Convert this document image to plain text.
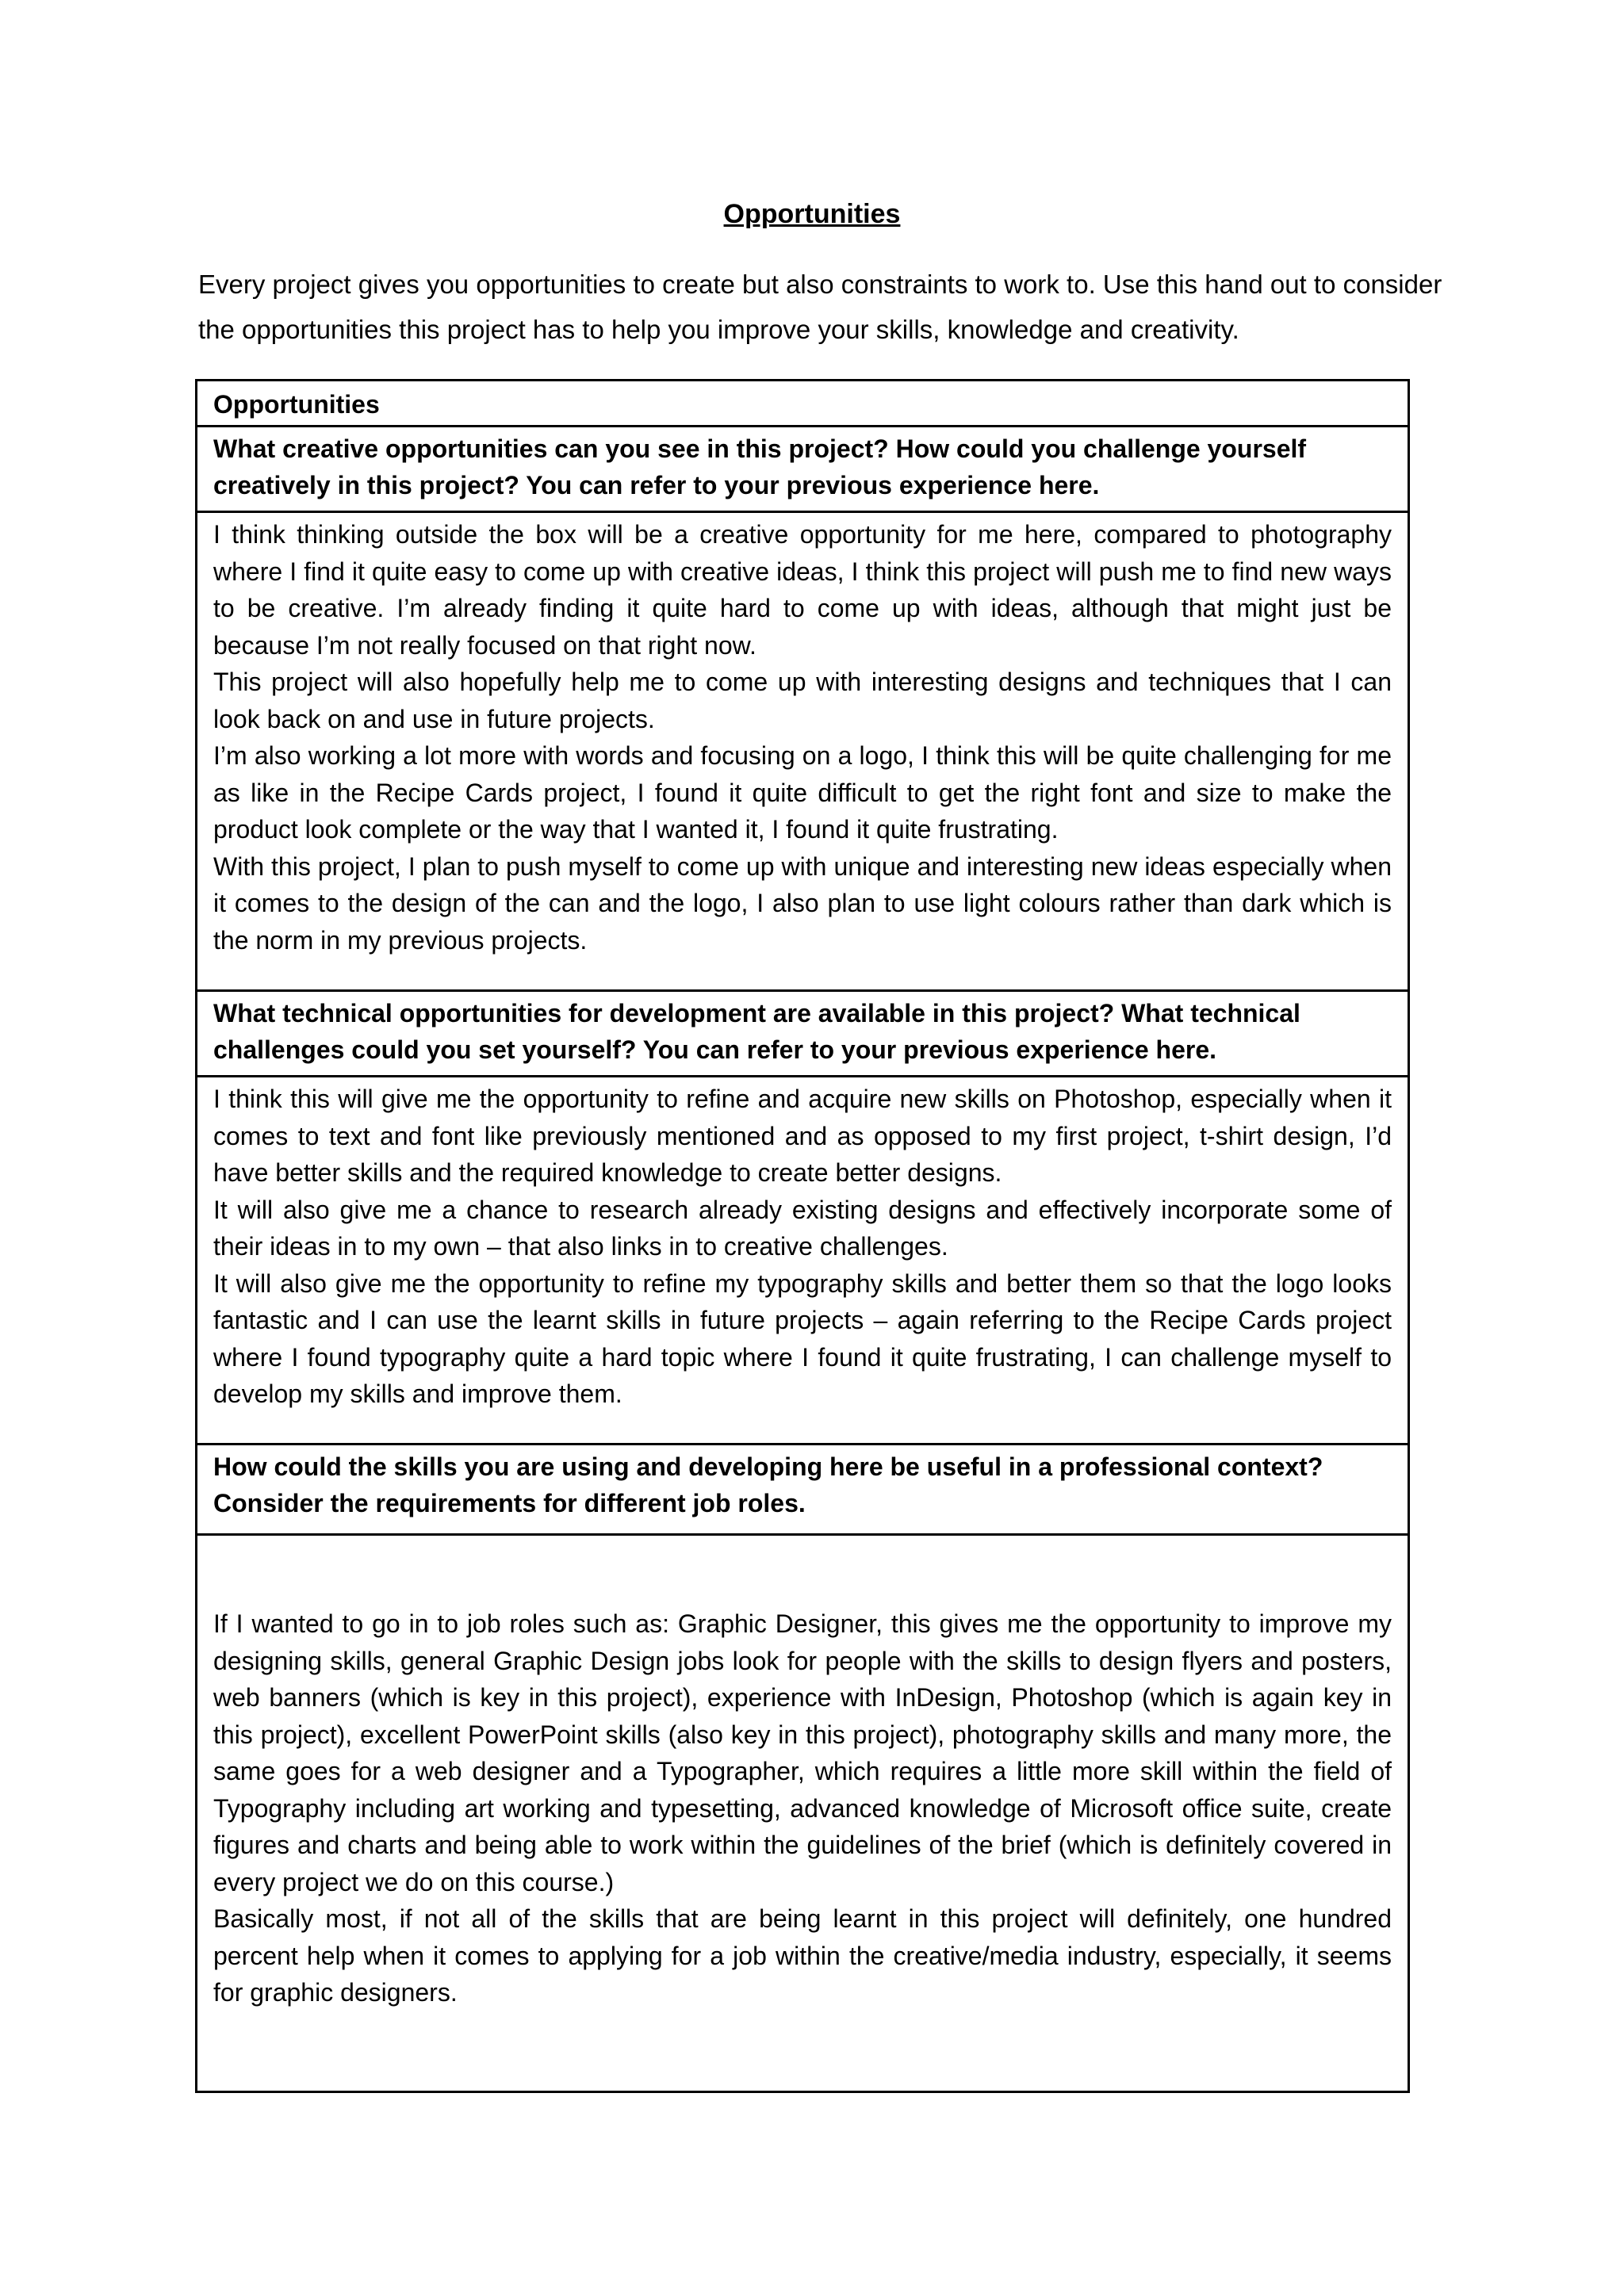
Opportunities

Every project gives you opportunities to create but also constraints to work to. Use this hand out to consider the opportunities this project has to help you improve your skills, knowledge and creativity.

Opportunities
What creative opportunities can you see in this project? How could you challenge yourself creatively in this project? You can refer to your previous experience here.

I think thinking outside the box will be a creative opportunity for me here, compared to photography where I find it quite easy to come up with creative ideas, I think this project will push me to find new ways to be creative. I’m already finding it quite hard to come up with ideas, although that might just be because I’m not really focused on that right now.

This project will also hopefully help me to come up with interesting designs and techniques that I can look back on and use in future projects.

I’m also working a lot more with words and focusing on a logo, I think this will be quite challenging for me as like in the Recipe Cards project, I found it quite difficult to get the right font and size to make the product look complete or the way that I wanted it, I found it quite frustrating.

With this project, I plan to push myself to come up with unique and interesting new ideas especially when it comes to the design of the can and the logo, I also plan to use light colours rather than dark which is the norm in my previous projects.

What technical opportunities for development are available in this project? What technical challenges could you set yourself? You can refer to your previous experience here.

I think this will give me the opportunity to refine and acquire new skills on Photoshop, especially when it comes to text and font like previously mentioned and as opposed to my first project, t-shirt design, I’d have better skills and the required knowledge to create better designs.

It will also give me a chance to research already existing designs and effectively incorporate some of their ideas in to my own – that also links in to creative challenges.

It will also give me the opportunity to refine my typography skills and better them so that the logo looks fantastic and I can use the learnt skills in future projects – again referring to the Recipe Cards project where I found typography quite a hard topic where I found it quite frustrating, I can challenge myself to develop my skills and improve them.

How could the skills you are using and developing here be useful in a professional context? Consider the requirements for different job roles.

If I wanted to go in to job roles such as: Graphic Designer, this gives me the opportunity to improve my designing skills, general Graphic Design jobs look for people with the skills to design flyers and posters, web banners (which is key in this project), experience with InDesign, Photoshop (which is again key in this project), excellent PowerPoint skills (also key in this project), photography skills and many more, the same goes for a web designer and a Typographer, which requires a little more skill within the field of Typography including art working and typesetting, advanced knowledge of Microsoft office suite, create figures and charts and being able to work within the guidelines of the brief (which is definitely covered in every project we do on this course.)

Basically most, if not all of the skills that are being learnt in this project will definitely, one hundred percent help when it comes to applying for a job within the creative/media industry, especially, it seems for graphic designers.
